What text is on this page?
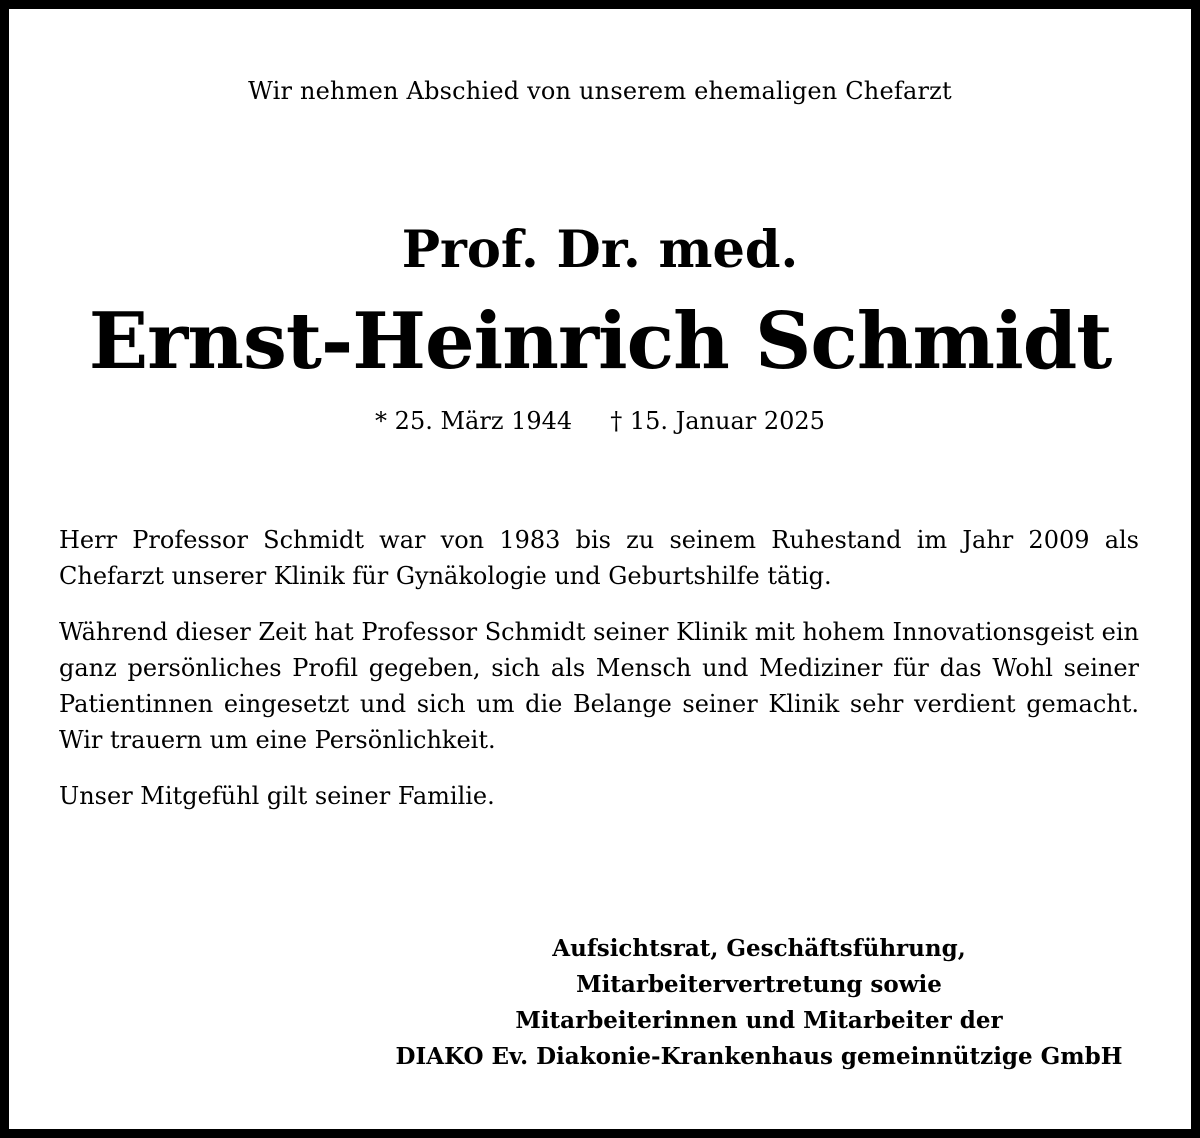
Wir nehmen Abschied von unserem ehemaligen Chefarzt
Prof. Dr. med.
Ernst-Heinrich Schmidt
* 25. März 1944 † 15. Januar 2025

Herr Professor Schmidt war von 1983 bis zu seinem Ruhestand im Jahr 2009 als Chefarzt unserer Klinik für Gynäkologie und Geburtshilfe tätig.

Während dieser Zeit hat Professor Schmidt seiner Klinik mit hohem Innovationsgeist ein ganz persönliches Profil gegeben, sich als Mensch und Mediziner für das Wohl seiner Patientinnen eingesetzt und sich um die Belange seiner Klinik sehr verdient gemacht. Wir trauern um eine Persönlichkeit.

Unser Mitgefühl gilt seiner Familie.

Aufsichtsrat, Geschäftsführung,
Mitarbeitervertretung sowie
Mitarbeiterinnen und Mitarbeiter der
DIAKO Ev. Diakonie-Krankenhaus gemeinnützige GmbH
